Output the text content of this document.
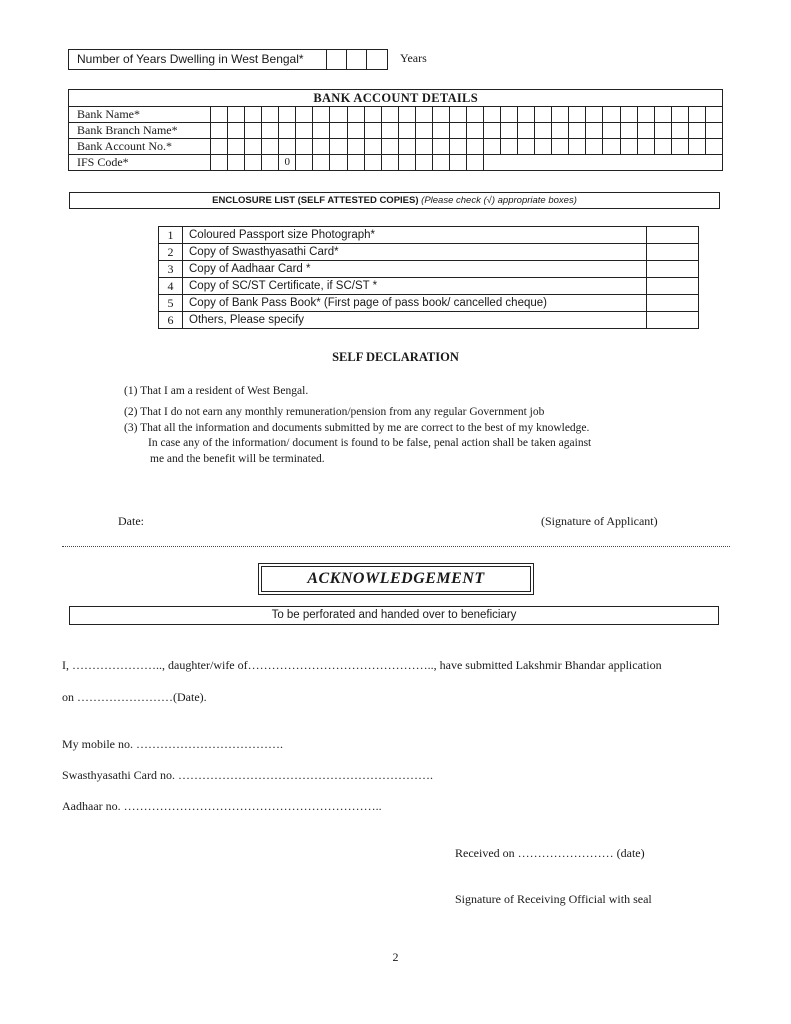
Number of Years Dwelling in West Bengal*	Years
BANK ACCOUNT DETAILS																														
Bank Name*																														
Bank Branch Name*																														
Bank Account No.*																														
IFS Code*					0																									
ENCLOSURE LIST (SELF ATTESTED COPIES) (Please check (√) appropriate boxes)
1	Coloured Passport size Photograph*	
2	Copy of Swasthyasathi Card*	
3	Copy of Aadhaar Card *	
4	Copy of SC/ST Certificate, if SC/ST *	
5	Copy of Bank Pass Book* (First page of pass book/ cancelled cheque)	
6	Others, Please specify	
SELF DECLARATION
(1) That I am a resident of West Bengal.
(2) That I do not earn any monthly remuneration/pension from any regular Government job
(3) That all the information and documents submitted by me are correct to the best of my knowledge.
In case any of the information/ document is found to be false, penal action shall be taken against
me and the benefit will be terminated.
Date:	(Signature of Applicant)
ACKNOWLEDGEMENT
To be perforated and handed over to beneficiary
I, ………………….., daughter/wife of……………………………………….., have submitted Lakshmir Bhandar application
on ……………………(Date).
My mobile no. ……………………………….
Swasthyasathi Card no. ……………………………………………………….
Aadhaar no. ………………………………………………………..
Received on …………………… (date)
Signature of Receiving Official with seal
2
